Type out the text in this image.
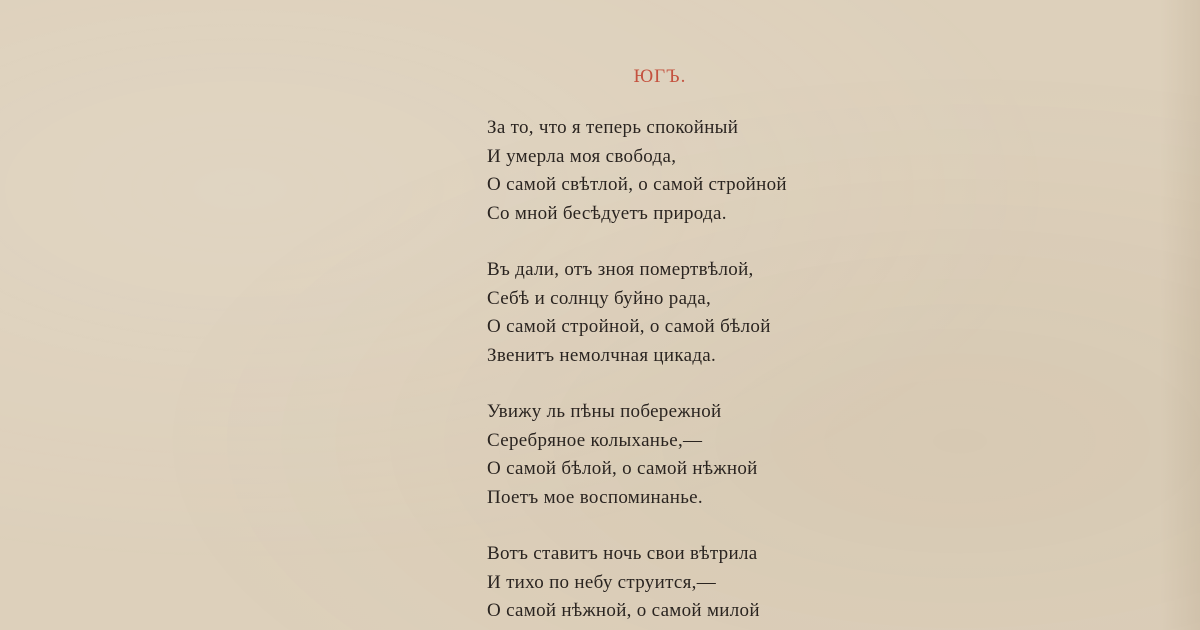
ЮГЪ.
За то, что я теперь спокойный
И умерла моя свобода,
О самой свѣтлой, о самой стройной
Со мной бесѣдуетъ природа.
Въ дали, отъ зноя помертвѣлой,
Себѣ и солнцу буйно рада,
О самой стройной, о самой бѣлой
Звенитъ немолчная цикада.
Увижу ль пѣны побережной
Серебряное колыханье,—
О самой бѣлой, о самой нѣжной
Поетъ мое воспоминанье.
Вотъ ставитъ ночь свои вѣтрила
И тихо по небу струится,—
О самой нѣжной, о самой милой
